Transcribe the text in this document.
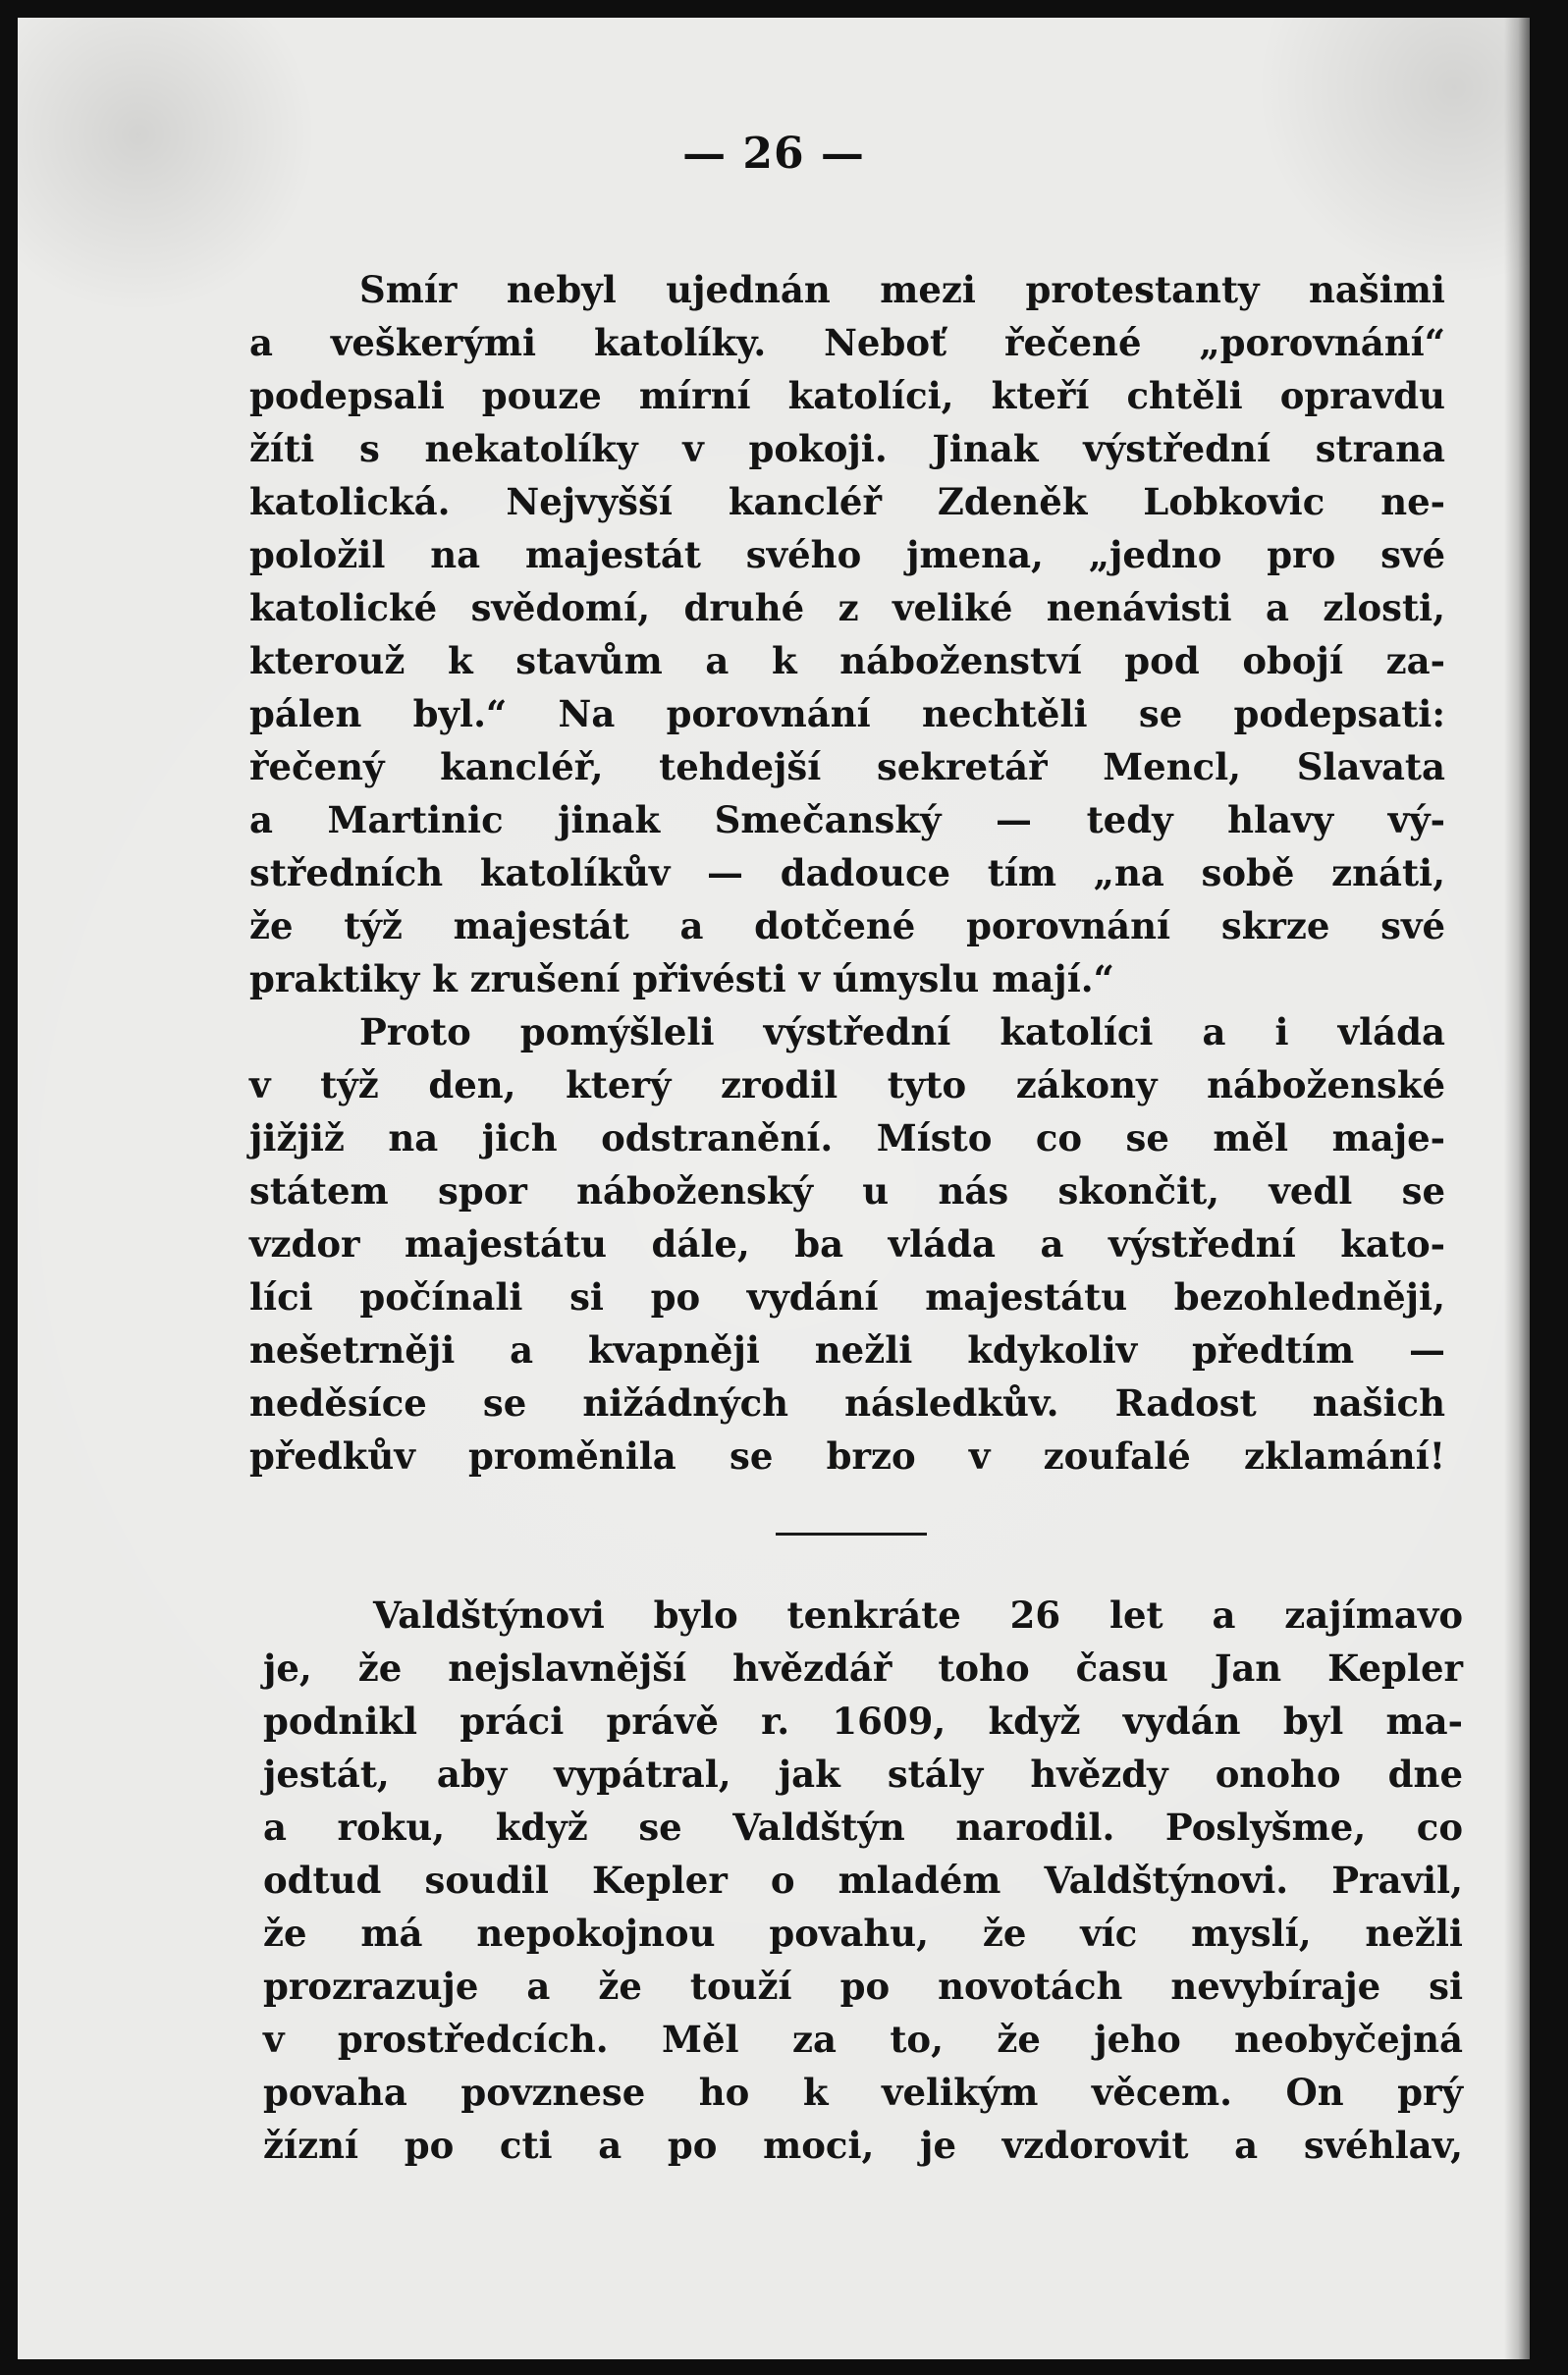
— 26 —
Smír nebyl ujednán mezi protestanty našimi
a veškerými katolíky. Neboť řečené „porovnání“
podepsali pouze mírní katolíci, kteří chtěli opravdu
žíti s nekatolíky v pokoji. Jinak výstřední strana
katolická. Nejvyšší kancléř Zdeněk Lobkovic ne-
položil na majestát svého jmena, „jedno pro své
katolické svědomí, druhé z veliké nenávisti a zlosti,
kterouž k stavům a k náboženství pod obojí za-
pálen byl.“ Na porovnání nechtěli se podepsati:
řečený kancléř, tehdejší sekretář Mencl, Slavata
a Martinic jinak Smečanský — tedy hlavy vý-
středních katolíkův — dadouce tím „na sobě znáti,
že týž majestát a dotčené porovnání skrze své
praktiky k zrušení přivésti v úmyslu mají.“
Proto pomýšleli výstřední katolíci a i vláda
v týž den, který zrodil tyto zákony náboženské
jižjiž na jich odstranění. Místo co se měl maje-
státem spor náboženský u nás skončit, vedl se
vzdor majestátu dále, ba vláda a výstřední kato-
líci počínali si po vydání majestátu bezohledněji,
nešetrněji a kvapněji nežli kdykoliv předtím —
neděsíce se nižádných následkův. Radost našich
předkův proměnila se brzo v zoufalé zklamání!
Valdštýnovi bylo tenkráte 26 let a zajímavo
je, že nejslavnější hvězdář toho času Jan Kepler
podnikl práci právě r. 1609, když vydán byl ma-
jestát, aby vypátral, jak stály hvězdy onoho dne
a roku, když se Valdštýn narodil. Poslyšme, co
odtud soudil Kepler o mladém Valdštýnovi. Pravil,
že má nepokojnou povahu, že víc myslí, nežli
prozrazuje a že touží po novotách nevybíraje si
v prostředcích. Měl za to, že jeho neobyčejná
povaha povznese ho k velikým věcem. On prý
žízní po cti a po moci, je vzdorovit a svéhlav,
